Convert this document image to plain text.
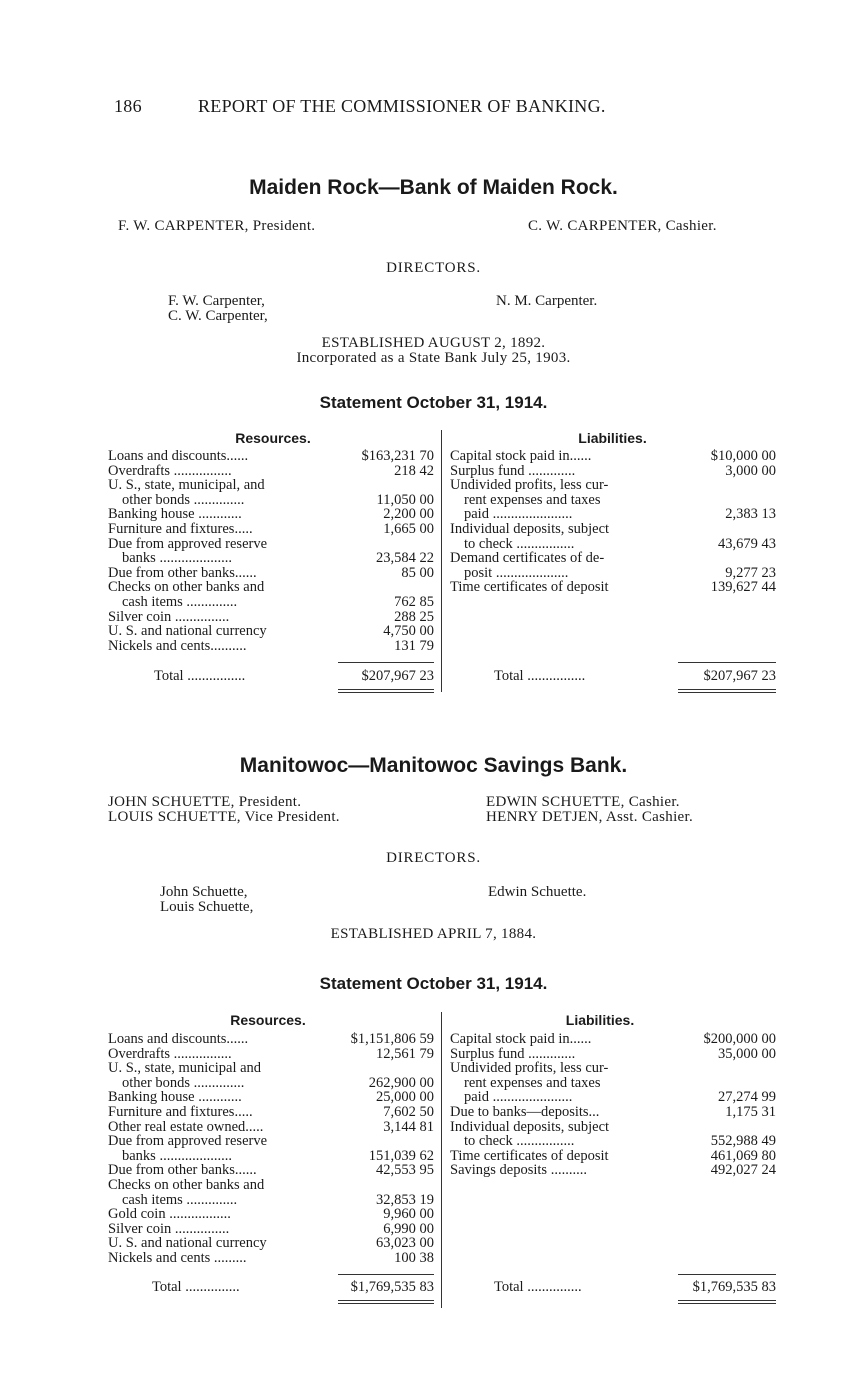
186	REPORT OF THE COMMISSIONER OF BANKING.
Maiden Rock—Bank of Maiden Rock.
F. W. CARPENTER, President.	C. W. CARPENTER, Cashier.
DIRECTORS.
F. W. Carpenter,
C. W. Carpenter,
N. M. Carpenter.
ESTABLISHED AUGUST 2, 1892.
Incorporated as a State Bank July 25, 1903.
Statement October 31, 1914.
Resources.	Liabilities.
Loans and discounts......	$163,231 70
Overdrafts ................	218 42
U. S., state, municipal, and
other bonds ..............	11,050 00
Banking house ............	2,200 00
Furniture and fixtures.....	1,665 00
Due from approved reserve
banks ....................	23,584 22
Due from other banks......	85 00
Checks on other banks and
cash items ..............	762 85
Silver coin ...............	288 25
U. S. and national currency	4,750 00
Nickels and cents..........	131 79
Capital stock paid in......	$10,000 00
Surplus fund .............	3,000 00
Undivided profits, less cur-
rent expenses and taxes
paid ......................	2,383 13
Individual deposits, subject
to check ................	43,679 43
Demand certificates of de-
posit ....................	9,277 23
Time certificates of deposit	139,627 44
Total ................	$207,967 23	Total ................	$207,967 23
Manitowoc—Manitowoc Savings Bank.
JOHN SCHUETTE, President.
LOUIS SCHUETTE, Vice President.
EDWIN SCHUETTE, Cashier.
HENRY DETJEN, Asst. Cashier.
DIRECTORS.
John Schuette,
Louis Schuette,
Edwin Schuette.
ESTABLISHED APRIL 7, 1884.
Statement October 31, 1914.
Resources.	Liabilities.
Loans and discounts......	$1,151,806 59
Overdrafts ................	12,561 79
U. S., state, municipal and
other bonds ..............	262,900 00
Banking house ............	25,000 00
Furniture and fixtures.....	7,602 50
Other real estate owned.....	3,144 81
Due from approved reserve
banks ....................	151,039 62
Due from other banks......	42,553 95
Checks on other banks and
cash items ..............	32,853 19
Gold coin .................	9,960 00
Silver coin ...............	6,990 00
U. S. and national currency	63,023 00
Nickels and cents .........	100 38
Capital stock paid in......	$200,000 00
Surplus fund .............	35,000 00
Undivided profits, less cur-
rent expenses and taxes
paid ......................	27,274 99
Due to banks—deposits...	1,175 31
Individual deposits, subject
to check ................	552,988 49
Time certificates of deposit	461,069 80
Savings deposits ..........	492,027 24
Total ...............	$1,769,535 83	Total ...............	$1,769,535 83
